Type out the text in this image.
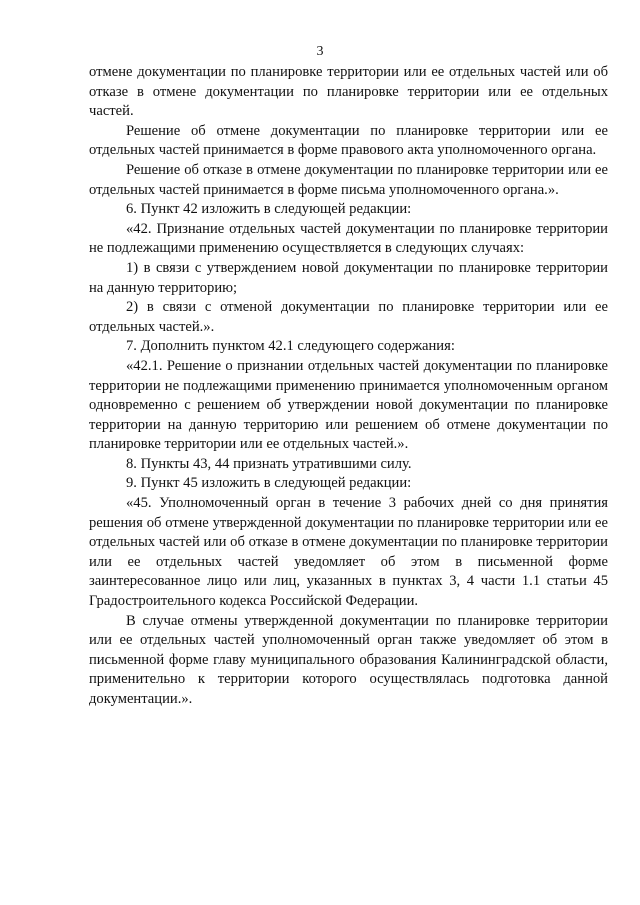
3

отмене документации по планировке территории или ее отдельных частей или об отказе в отмене документации по планировке территории или ее отдельных частей.

Решение об отмене документации по планировке территории или ее отдельных частей принимается в форме правового акта уполномоченного органа.

Решение об отказе в отмене документации по планировке территории или ее отдельных частей принимается в форме письма уполномоченного органа.».

6. Пункт 42 изложить в следующей редакции:

«42. Признание отдельных частей документации по планировке территории не подлежащими применению осуществляется в следующих случаях:

1) в связи с утверждением новой документации по планировке территории на данную территорию;

2) в связи с отменой документации по планировке территории или ее отдельных частей.».

7. Дополнить пунктом 42.1 следующего содержания:

«42.1. Решение о признании отдельных частей документации по планировке территории не подлежащими применению принимается уполномоченным органом одновременно с решением об утверждении новой документации по планировке территории на данную территорию или решением об отмене документации по планировке территории или ее отдельных частей.».

8. Пункты 43, 44 признать утратившими силу.

9. Пункт 45 изложить в следующей редакции:

«45. Уполномоченный орган в течение 3 рабочих дней со дня принятия решения об отмене утвержденной документации по планировке территории или ее отдельных частей или об отказе в отмене документации по планировке территории или ее отдельных частей уведомляет об этом в письменной форме заинтересованное лицо или лиц, указанных в пунктах 3, 4 части 1.1 статьи 45 Градостроительного кодекса Российской Федерации.

В случае отмены утвержденной документации по планировке территории или ее отдельных частей уполномоченный орган также уведомляет об этом в письменной форме главу муниципального образования Калининградской области, применительно к территории которого осуществлялась подготовка данной документации.».
